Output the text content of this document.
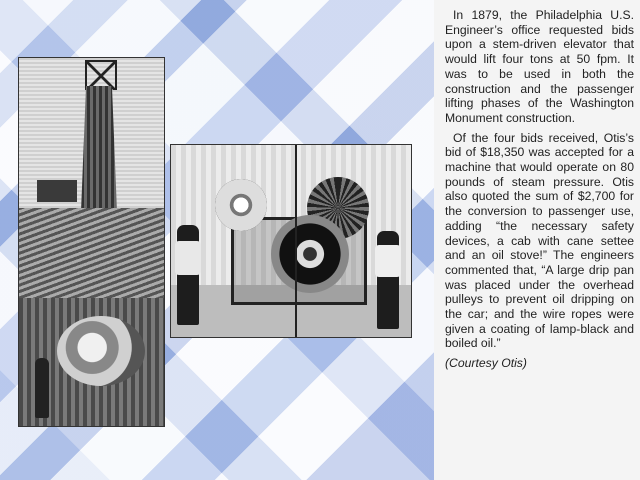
In 1879, the Philadelphia U.S. Engineer’s office requested bids upon a stem-driven elevator that would lift four tons at 50 fpm. It was to be used in both the construction and the passenger lifting phases of the Washington Monument construction.

Of the four bids received, Otis’s bid of $18,350 was accepted for a machine that would operate on 80 pounds of steam pressure. Otis also quoted the sum of $2,700 for the conversion to passenger use, adding “the necessary safety devices, a cab with cane settee and an oil stove!” The engineers commented that, “A large drip pan was placed under the overhead pulleys to prevent oil dripping on the car; and the wire ropes were given a coating of lamp-black and boiled oil.”

(Courtesy Otis)
